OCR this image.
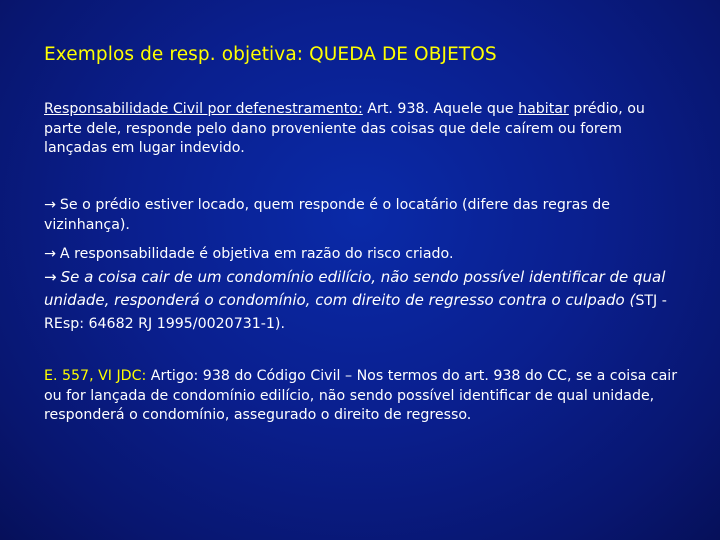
Exemplos de resp. objetiva: QUEDA DE OBJETOS
Responsabilidade Civil por defenestramento: Art. 938. Aquele que habitar prédio, ou parte dele, responde pelo dano proveniente das coisas que dele caírem ou forem lançadas em lugar indevido.
→ Se o prédio estiver locado, quem responde é o locatário (difere das regras de vizinhança).
→ A responsabilidade é objetiva em razão do risco criado.
→ Se a coisa cair de um condomínio edilício, não sendo possível identificar de qual unidade, responderá o condomínio, com direito de regresso contra o culpado (STJ - REsp: 64682 RJ 1995/0020731-1).
E. 557, VI JDC: Artigo: 938 do Código Civil – Nos termos do art. 938 do CC, se a coisa cair ou for lançada de condomínio edilício, não sendo possível identificar de qual unidade, responderá o condomínio, assegurado o direito de regresso.
